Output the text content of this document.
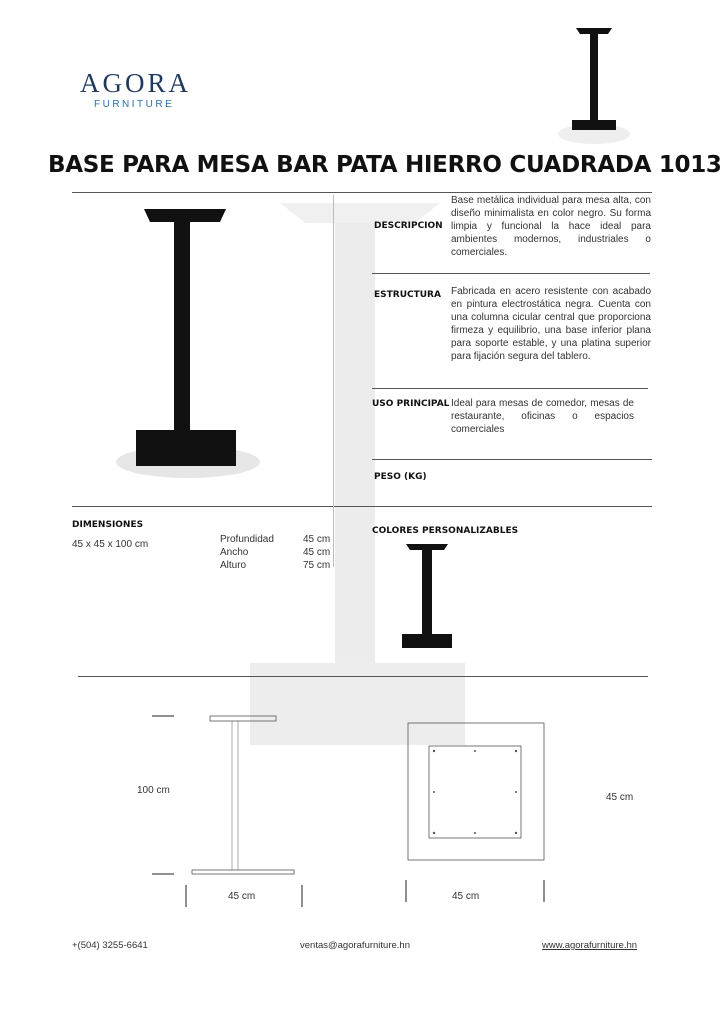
AGORA
FURNITURE
BASE PARA MESA BAR PATA HIERRO CUADRADA 1013
DESCRIPCION
Base metálica individual para mesa alta, con diseño minimalista en color negro. Su forma limpia y funcional la hace ideal para ambientes modernos, industriales o comerciales.
ESTRUCTURA Fabricada en acero resistente con acabado en pintura electrostática negra. Cuenta con una columna cicular central que proporciona firmeza y equilibrio, una base inferior plana para soporte estable, y una platina superior para fijación segura del tablero.
USO PRINCIPAL Ideal para mesas de comedor, mesas de restaurante, oficinas o espacios comerciales
PESO (KG)
COLORES PERSONALIZABLES
DIMENSIONES
45 x 45 x 100 cm	Profundidad	45 cm
Ancho	45 cm
Alturo	75 cm
100 cm
45 cm	45 cm
45 cm
+(504) 3255-6641	ventas@agorafurniture.hn	www.agorafurniture.hn
